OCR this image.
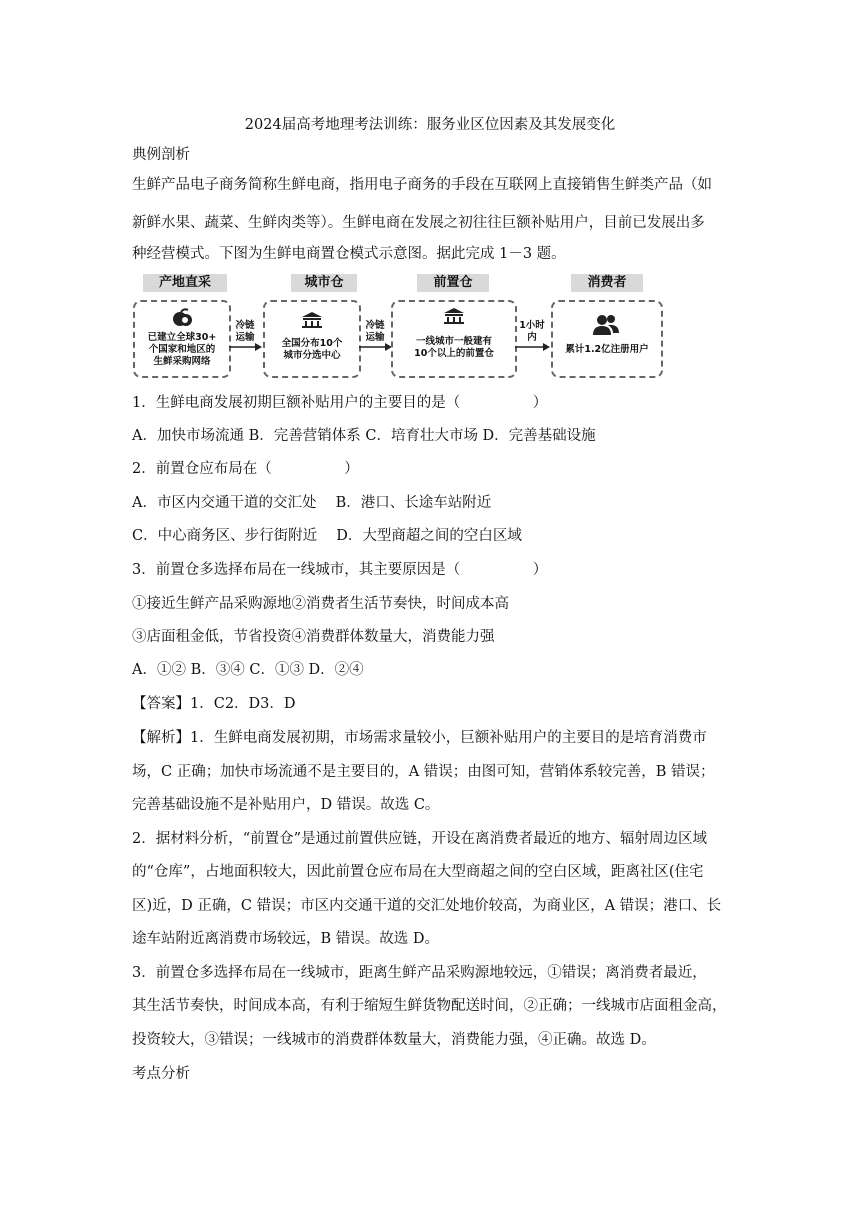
2024届高考地理考法训练：服务业区位因素及其发展变化
典例剖析
生鲜产品电子商务简称生鲜电商，指用电子商务的手段在互联网上直接销售生鲜类产品（如
新鲜水果、蔬菜、生鲜肉类等）。生鲜电商在发展之初往往巨额补贴用户，目前已发展出多
种经营模式。下图为生鲜电商置仓模式示意图。据此完成 1－3 题。
产地直采	城市仓	前置仓	消费者
已建立全球30+
个国家和地区的
生鲜采购网络
冷链
运输
全国分布10个
城市分选中心
冷链
运输	一线城市一般建有
10个以上的前置仓
1小时
内
累计1.2亿注册用户
1．生鲜电商发展初期巨额补贴用户的主要目的是（　　　　　）
A．加快市场流通 B．完善营销体系 C．培育壮大市场 D．完善基础设施
2．前置仓应布局在（　　　　　）
A．市区内交通干道的交汇处　 B．港口、长途车站附近
C．中心商务区、步行街附近　 D．大型商超之间的空白区域
3．前置仓多选择布局在一线城市，其主要原因是（　　　　　）
①接近生鲜产品采购源地②消费者生活节奏快，时间成本高
③店面租金低，节省投资④消费群体数量大，消费能力强
A．①② B．③④ C．①③ D．②④
【答案】1．C2．D3．D
【解析】1．生鲜电商发展初期，市场需求量较小，巨额补贴用户的主要目的是培育消费市
场，C 正确；加快市场流通不是主要目的，A 错误；由图可知，营销体系较完善，B 错误；
完善基础设施不是补贴用户，D 错误。故选 C。
2．据材料分析，“前置仓”是通过前置供应链，开设在离消费者最近的地方、辐射周边区域
的“仓库”，占地面积较大，因此前置仓应布局在大型商超之间的空白区域，距离社区(住宅
区)近，D 正确，C 错误；市区内交通干道的交汇处地价较高，为商业区，A 错误；港口、长
途车站附近离消费市场较远，B 错误。故选 D。
3．前置仓多选择布局在一线城市，距离生鲜产品采购源地较远，①错误；离消费者最近，
其生活节奏快，时间成本高，有利于缩短生鲜货物配送时间，②正确；一线城市店面租金高，
投资较大，③错误；一线城市的消费群体数量大，消费能力强，④正确。故选 D。
考点分析
